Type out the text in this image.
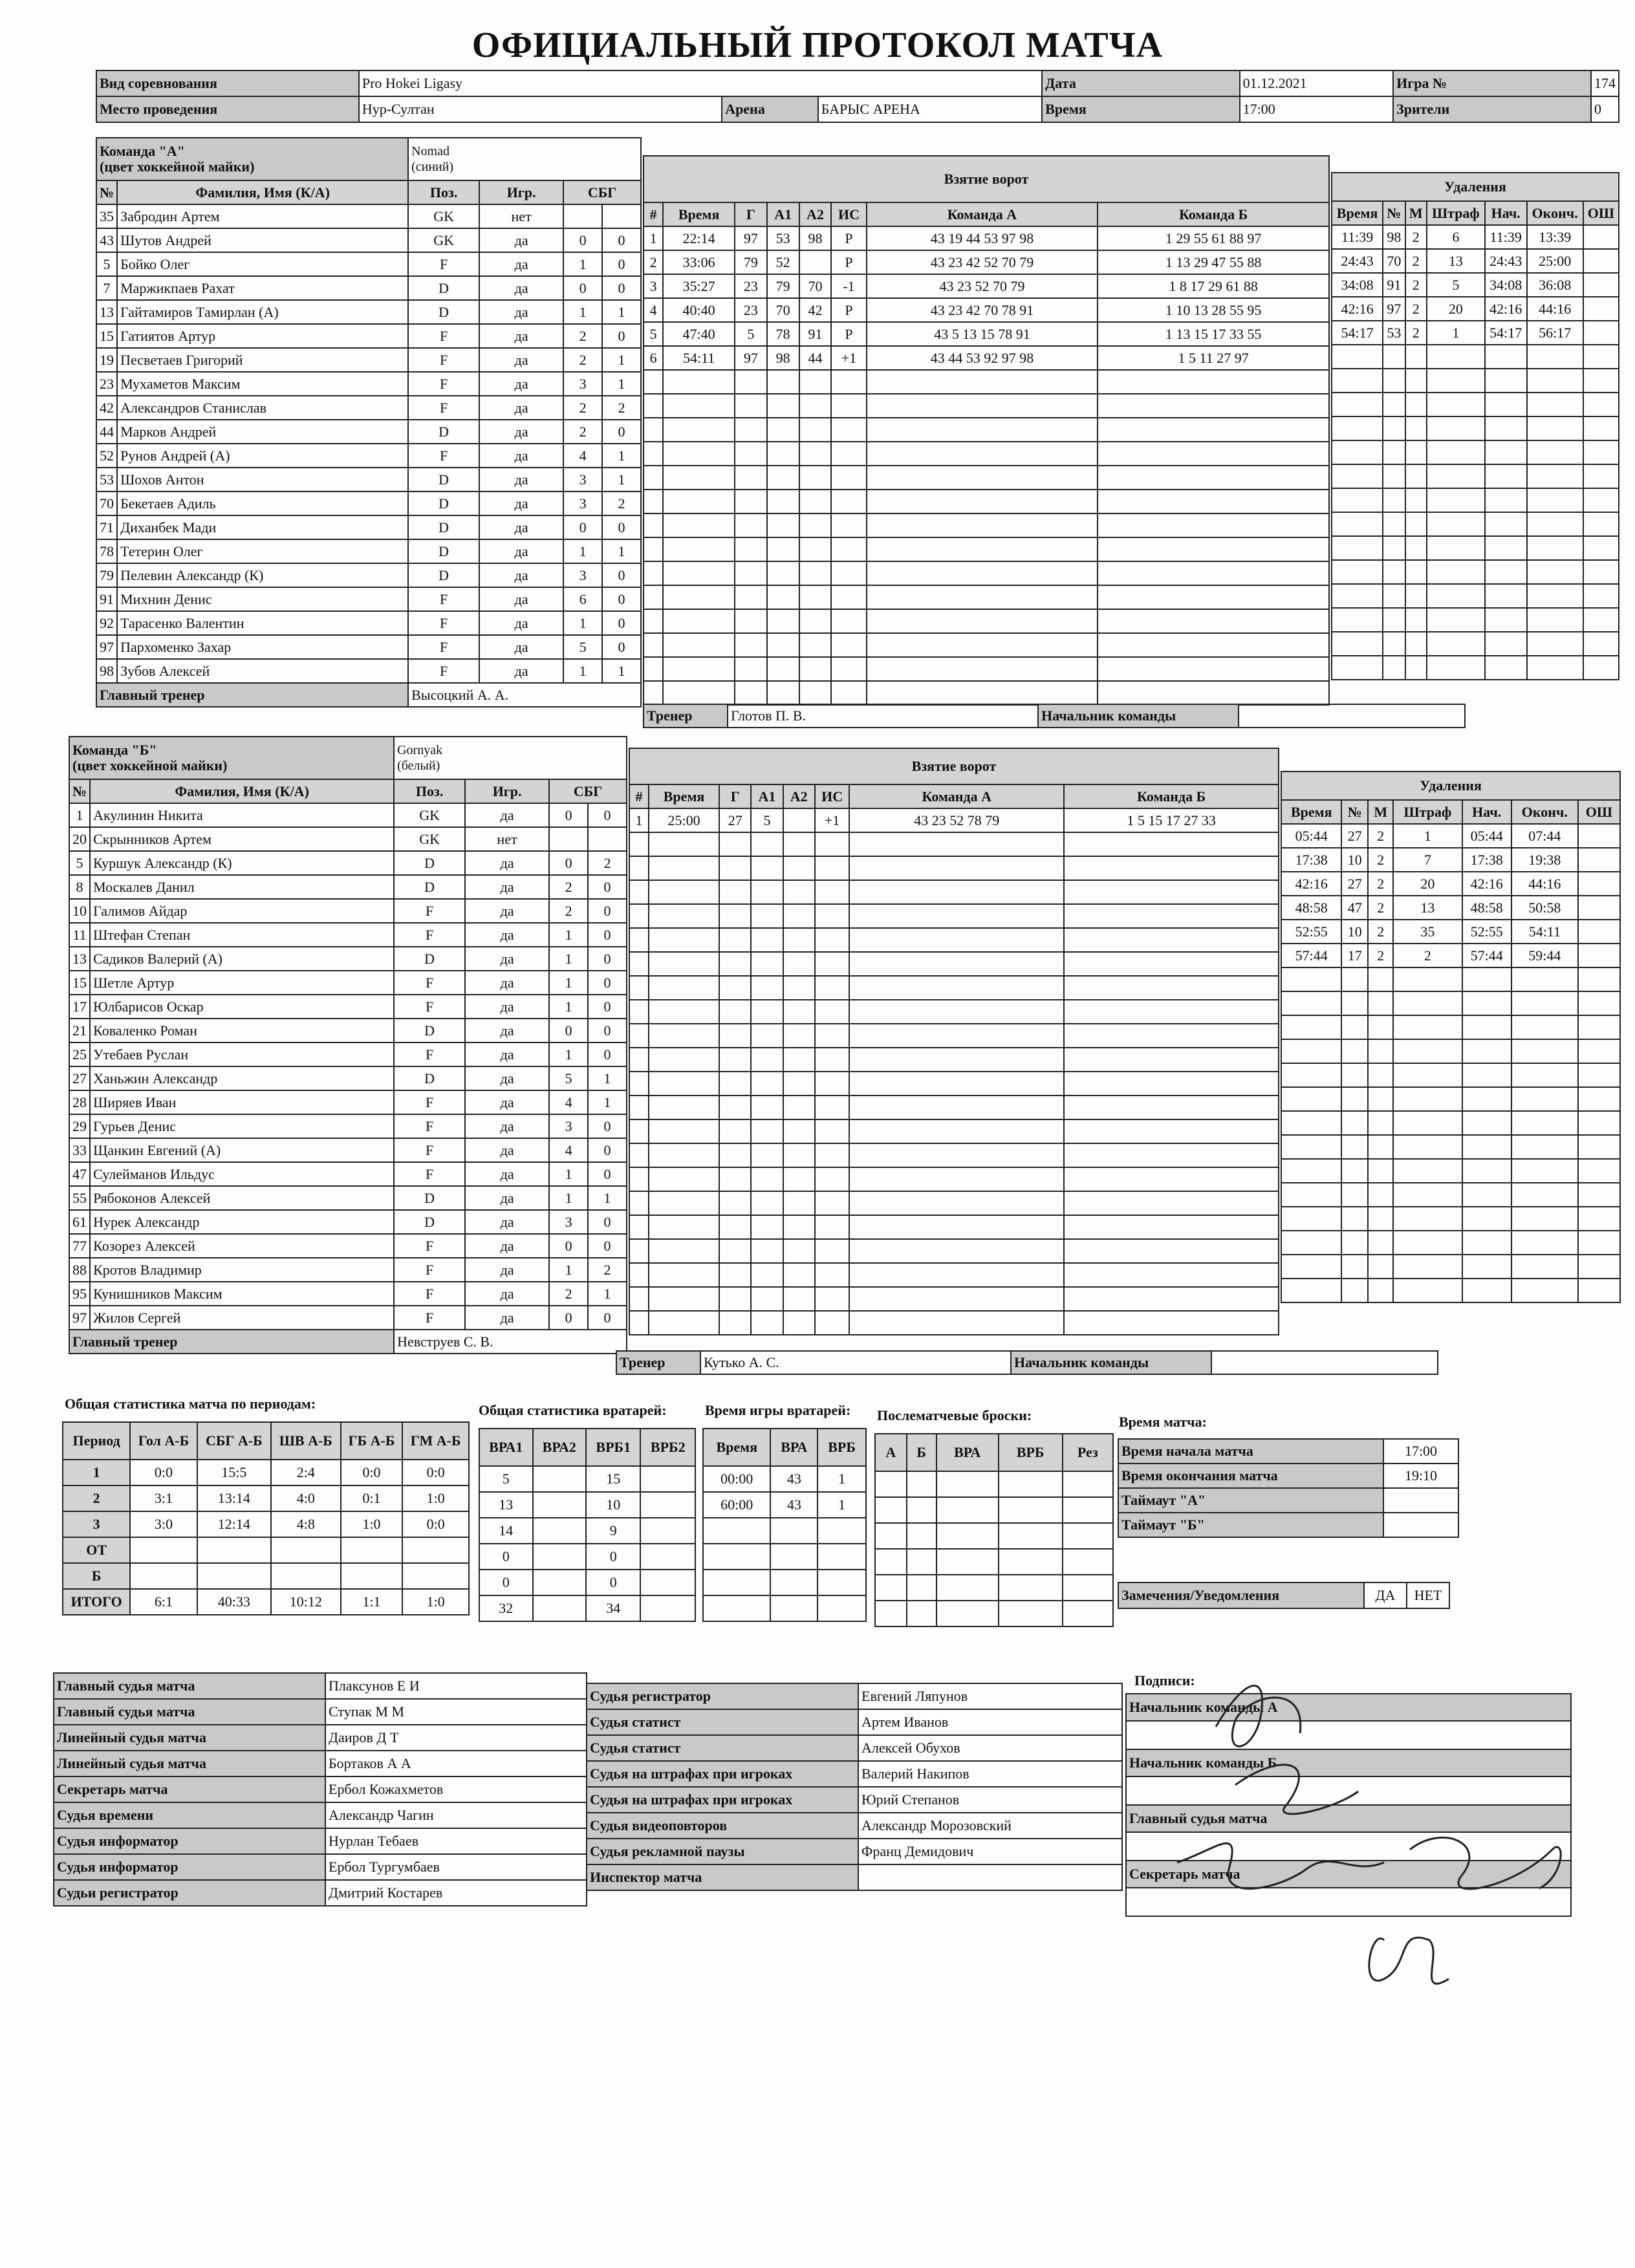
ОФИЦИАЛЬНЫЙ ПРОТОКОЛ МАТЧА
Вид соревнования	Pro Hokei Ligasy			Дата	01.12.2021	Игра №	174
Место проведения	Нур-Султан	Арена	БАРЫС АРЕНА	Время	17:00	Зрители	0
Команда "А"
(цвет хоккейной майки)		Nomad
(синий)			
№	Фамилия, Имя (К/А)	Поз.	Игр.	СБГ	
35	Забродин Артем	GK	нет		
43	Шутов Андрей	GK	да	0	0
5	Бойко Олег	F	да	1	0
7	Маржикпаев Рахат	D	да	0	0
13	Гайтамиров Тамирлан (А)	D	да	1	1
15	Гатиятов Артур	F	да	2	0
19	Песветаев Григорий	F	да	2	1
23	Мухаметов Максим	F	да	3	1
42	Александров Станислав	F	да	2	2
44	Марков Андрей	D	да	2	0
52	Рунов Андрей (А)	F	да	4	1
53	Шохов Антон	D	да	3	1
70	Бекетаев Адиль	D	да	3	2
71	Диханбек Мади	D	да	0	0
78	Тетерин Олег	D	да	1	1
79	Пелевин Александр (К)	D	да	3	0
91	Михнин Денис	F	да	6	0
92	Тарасенко Валентин	F	да	1	0
97	Пархоменко Захар	F	да	5	0
98	Зубов Алексей	F	да	1	1
Главный тренер		Высоцкий А. А.			
Взятие ворот							
#	Время	Г	А1	А2	ИС	Команда А	Команда Б
1	22:14	97	53	98	Р	43 19 44 53 97 98	1 29 55 61 88 97
2	33:06	79	52		Р	43 23 42 52 70 79	1 13 29 47 55 88
3	35:27	23	79	70	-1	43 23 52 70 79	1 8 17 29 61 88
4	40:40	23	70	42	Р	43 23 42 70 78 91	1 10 13 28 55 95
5	47:40	5	78	91	Р	43 5 13 15 78 91	1 13 15 17 33 55
6	54:11	97	98	44	+1	43 44 53 92 97 98	1 5 11 27 97

Удаления						
Время	№	М	Штраф	Нач.	Оконч.	ОШ
11:39	98	2	6	11:39	13:39	
24:43	70	2	13	24:43	25:00	
34:08	91	2	5	34:08	36:08	
42:16	97	2	20	42:16	44:16	
54:17	53	2	1	54:17	56:17	

Тренер	Глотов П. В.	Начальник команды	
Команда "Б"
(цвет хоккейной майки)		Gornyak
(белый)			
№	Фамилия, Имя (К/А)	Поз.	Игр.	СБГ	
1	Акулинин Никита	GK	да	0	0
20	Скрынников Артем	GK	нет		
5	Куршук Александр (К)	D	да	0	2
8	Москалев Данил	D	да	2	0
10	Галимов Айдар	F	да	2	0
11	Штефан Степан	F	да	1	0
13	Садиков Валерий (А)	D	да	1	0
15	Шетле Артур	F	да	1	0
17	Юлбарисов Оскар	F	да	1	0
21	Коваленко Роман	D	да	0	0
25	Утебаев Руслан	F	да	1	0
27	Ханьжин Александр	D	да	5	1
28	Ширяев Иван	F	да	4	1
29	Гурьев Денис	F	да	3	0
33	Щанкин Евгений (А)	F	да	4	0
47	Сулейманов Ильдус	F	да	1	0
55	Рябоконов Алексей	D	да	1	1
61	Нурек Александр	D	да	3	0
77	Козорез Алексей	F	да	0	0
88	Кротов Владимир	F	да	1	2
95	Кунишников Максим	F	да	2	1
97	Жилов Сергей	F	да	0	0
Главный тренер		Невструев С. В.			
Взятие ворот							
#	Время	Г	А1	А2	ИС	Команда А	Команда Б
1	25:00	27	5		+1	43 23 52 78 79	1 5 15 17 27 33

Удаления						
Время	№	М	Штраф	Нач.	Оконч.	ОШ
05:44	27	2	1	05:44	07:44	
17:38	10	2	7	17:38	19:38	
42:16	27	2	20	42:16	44:16	
48:58	47	2	13	48:58	50:58	
52:55	10	2	35	52:55	54:11	
57:44	17	2	2	57:44	59:44	

Тренер	Кутько А. С.	Начальник команды	
Общая статистика матча по периодам:
Период	Гол А-Б	СБГ А-Б	ШВ А-Б	ГБ А-Б	ГМ А-Б
1	0:0	15:5	2:4	0:0	0:0
2	3:1	13:14	4:0	0:1	1:0
3	3:0	12:14	4:8	1:0	0:0
ОТ					
Б					
ИТОГО	6:1	40:33	10:12	1:1	1:0
Общая статистика вратарей:
ВРА1	ВРА2	ВРБ1	ВРБ2
5		15	
13		10	
14		9	
0		0	
0		0	
32		34	
Время игры вратарей:
Время	ВРА	ВРБ
00:00	43	1
60:00	43	1

Послематчевые броски:
А	Б	ВРА	ВРБ	Рез

Время матча:
Время начала матча	17:00
Время окончания матча	19:10
Таймаут "А"	
Таймаут "Б"	
Замечения/Уведомления	ДА	НЕТ
Главный судья матча	Плаксунов Е И
Главный судья матча	Ступак М М
Линейный судья матча	Даиров Д Т
Линейный судья матча	Бортаков А А
Секретарь матча	Ербол Кожахметов
Судья времени	Александр Чагин
Судья информатор	Нурлан Тебаев
Судья информатор	Ербол Тургумбаев
Судьи регистратор	Дмитрий Костарев
Судья регистратор	Евгений Ляпунов
Судья статист	Артем Иванов
Судья статист	Алексей Обухов
Судья на штрафах при игроках	Валерий Накипов
Судья на штрафах при игроках	Юрий Степанов
Судья видеоповторов	Александр Морозовский
Судья рекламной паузы	Франц Демидович
Инспектор матча	
Подписи:
Начальник команды А

Начальник команды Б

Главный судья матча

Секретарь матча
